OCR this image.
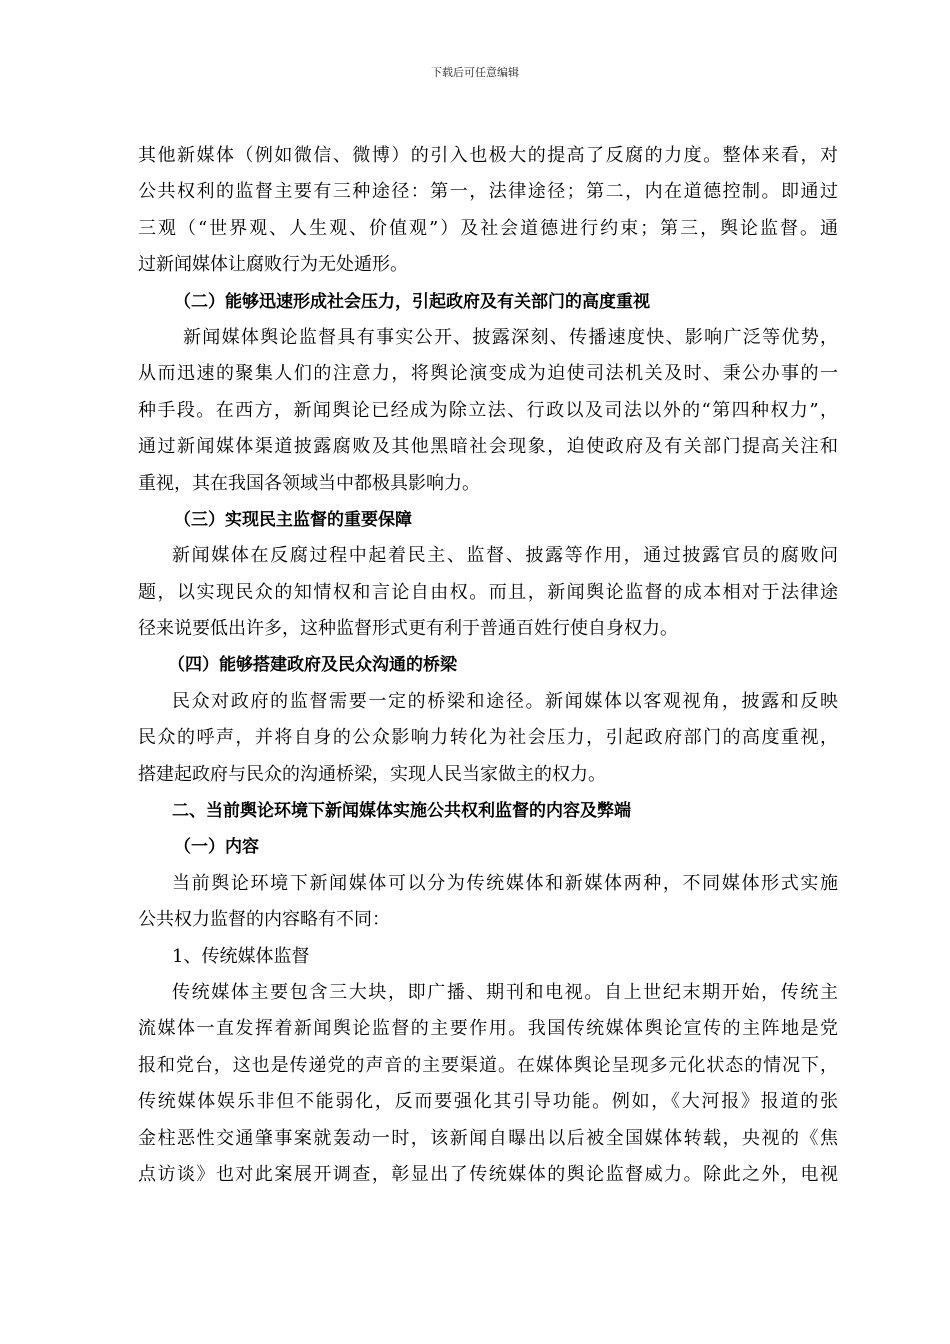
下载后可任意编辑
其他新媒体（例如微信、微博）的引入也极大的提高了反腐的力度。整体来看，对
公共权利的监督主要有三种途径：第一，法律途径；第二，内在道德控制。即通过
三观（“世界观、人生观、价值观”）及社会道德进行约束；第三，舆论监督。通
过新闻媒体让腐败行为无处遁形。
（二）能够迅速形成社会压力，引起政府及有关部门的高度重视
新闻媒体舆论监督具有事实公开、披露深刻、传播速度快、影响广泛等优势，
从而迅速的聚集人们的注意力，将舆论演变成为迫使司法机关及时、秉公办事的一
种手段。在西方，新闻舆论已经成为除立法、行政以及司法以外的“第四种权力”，
通过新闻媒体渠道披露腐败及其他黑暗社会现象，迫使政府及有关部门提高关注和
重视，其在我国各领域当中都极具影响力。
（三）实现民主监督的重要保障
新闻媒体在反腐过程中起着民主、监督、披露等作用，通过披露官员的腐败问
题，以实现民众的知情权和言论自由权。而且，新闻舆论监督的成本相对于法律途
径来说要低出许多，这种监督形式更有利于普通百姓行使自身权力。
（四）能够搭建政府及民众沟通的桥梁
民众对政府的监督需要一定的桥梁和途径。新闻媒体以客观视角，披露和反映
民众的呼声，并将自身的公众影响力转化为社会压力，引起政府部门的高度重视，
搭建起政府与民众的沟通桥梁，实现人民当家做主的权力。
二、当前舆论环境下新闻媒体实施公共权利监督的内容及弊端
（一）内容
当前舆论环境下新闻媒体可以分为传统媒体和新媒体两种，不同媒体形式实施
公共权力监督的内容略有不同：
1、传统媒体监督
传统媒体主要包含三大块，即广播、期刊和电视。自上世纪末期开始，传统主
流媒体一直发挥着新闻舆论监督的主要作用。我国传统媒体舆论宣传的主阵地是党
报和党台，这也是传递党的声音的主要渠道。在媒体舆论呈现多元化状态的情况下，
传统媒体娱乐非但不能弱化，反而要强化其引导功能。例如，《大河报》报道的张
金柱恶性交通肇事案就轰动一时，该新闻自曝出以后被全国媒体转载，央视的《焦
点访谈》也对此案展开调查，彰显出了传统媒体的舆论监督威力。除此之外，电视
